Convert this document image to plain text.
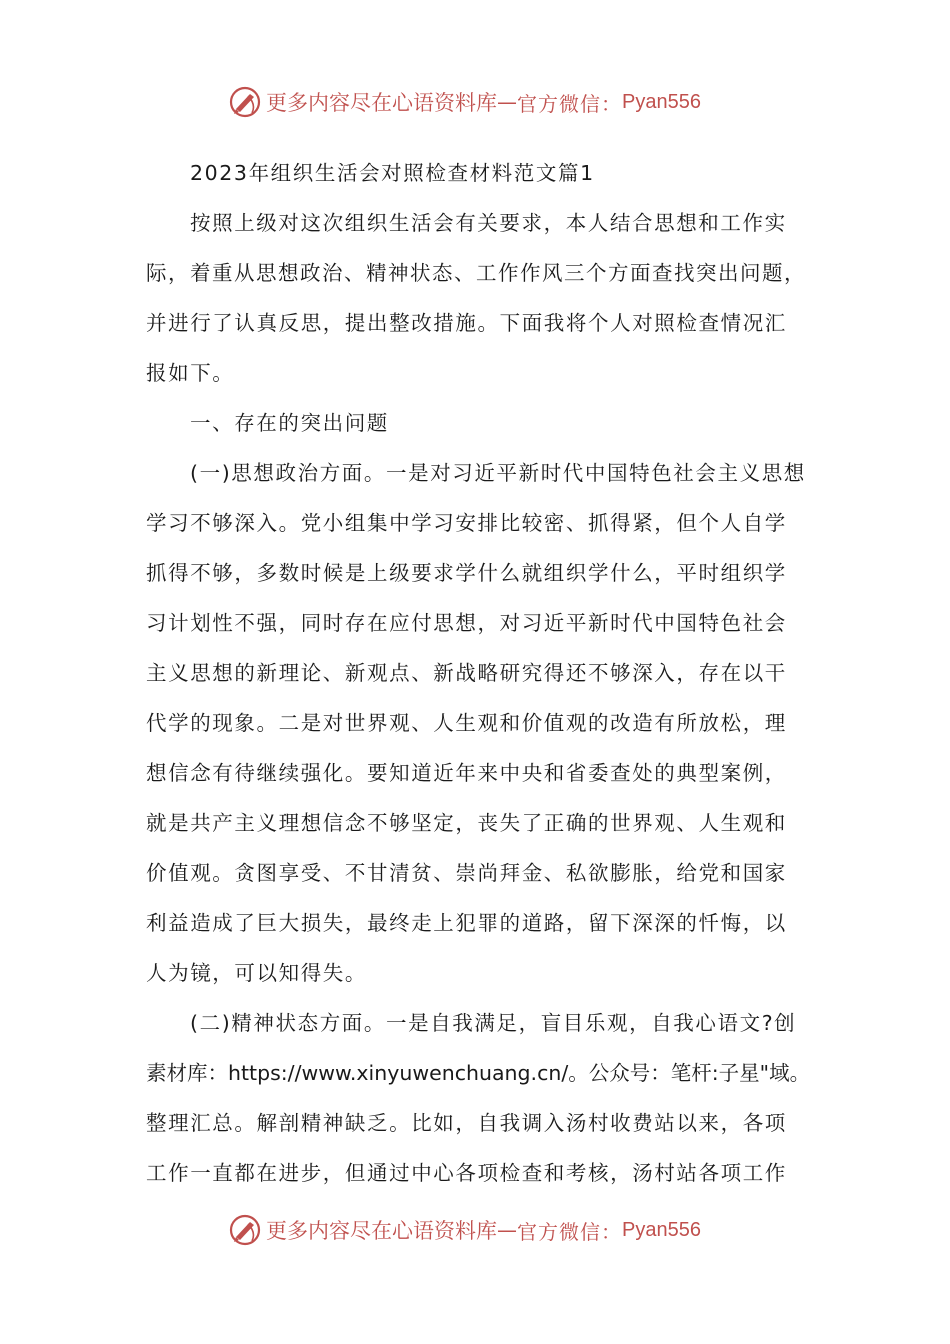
更多内容尽在心语资料库 — 官方微信： Pyan556
2023年组织生活会对照检查材料范文篇1
按照上级对这次组织生活会有关要求，本人结合思想和工作实
际，着重从思想政治、精神状态、工作作风三个方面查找突出问题，
并进行了认真反思，提出整改措施。下面我将个人对照检查情况汇
报如下。
一、存在的突出问题
(一)思想政治方面。一是对习近平新时代中国特色社会主义思想
学习不够深入。党小组集中学习安排比较密、抓得紧，但个人自学
抓得不够，多数时候是上级要求学什么就组织学什么，平时组织学
习计划性不强，同时存在应付思想，对习近平新时代中国特色社会
主义思想的新理论、新观点、新战略研究得还不够深入，存在以干
代学的现象。二是对世界观、人生观和价值观的改造有所放松，理
想信念有待继续强化。要知道近年来中央和省委查处的典型案例，
就是共产主义理想信念不够坚定，丧失了正确的世界观、人生观和
价值观。贪图享受、不甘清贫、崇尚拜金、私欲膨胀，给党和国家
利益造成了巨大损失，最终走上犯罪的道路，留下深深的忏悔，以
人为镜，可以知得失。
(二)精神状态方面。一是自我满足，盲目乐观，自我心语文?创
素材库：https://www.xinyuwenchuang.cn/。公众号：笔杆:子星"域。
整理汇总。解剖精神缺乏。比如，自我调入汤村收费站以来，各项
工作一直都在进步，但通过中心各项检查和考核，汤村站各项工作
更多内容尽在心语资料库 — 官方微信： Pyan556
